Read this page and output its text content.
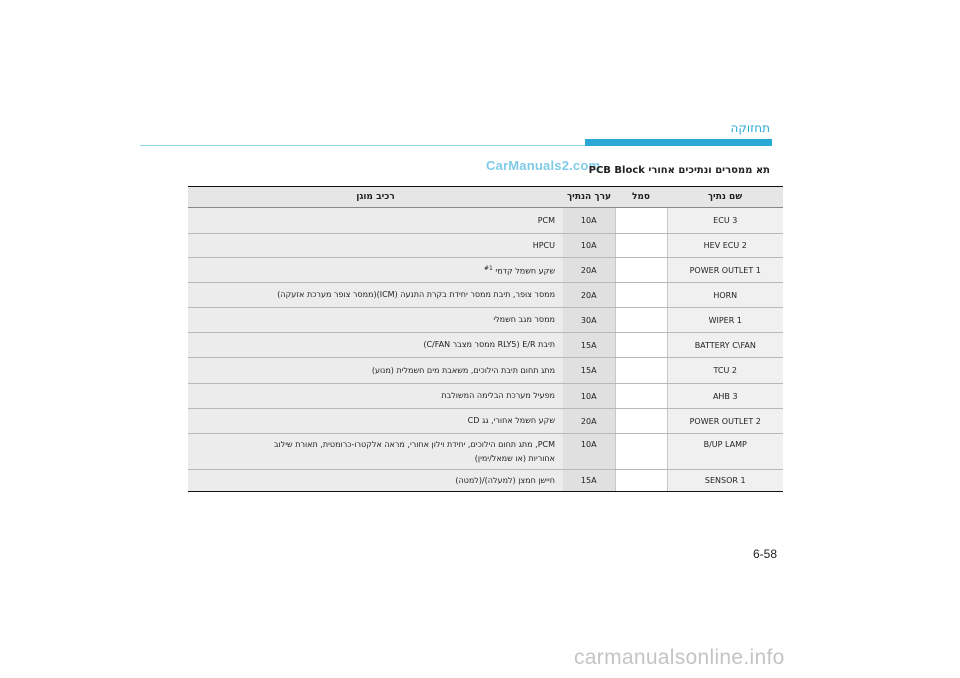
תחזוקה
CarManuals2.com
תא ממסרים ונתיכים אחורי PCB Block
שם נתיך	סמל	ערך הנתיך	רכיב מוגן
ECU 3		10A	PCM
HEV ECU 2		10A	HPCU
POWER OUTLET 1		20A	שקע חשמל קדמי $^{\#1}$
HORN		20A	ממסר צופר, תיבת ממסר יחידת בקרת התנעה (ICM)(ממסר צופר מערכת אזעקה)
WIPER 1		30A	ממסר מגב חשמלי
BATTERY C\FAN		15A	תיבת E/R (RLY5 ממסר מצבר C/FAN)
TCU 2		15A	מתג תחום תיבת הילוכים, משאבת מים חשמלית (מנוע)
AHB 3		10A	מפעיל מערכת הבלימה המשולבת
POWER OUTLET 2		20A	שקע חשמל אחורי, גג CD
B/UP LAMP		10A	PCM, מתג תחום הילוכים, יחידת וילון אחורי, מראה אלקטרו-כרומטית, תאורת שילוב
אחוריות (או שמאל/ימין)

SENSOR 1		15A	חיישן חמצן (למעלה)/(למטה)
6-58
carmanualsonline.info
